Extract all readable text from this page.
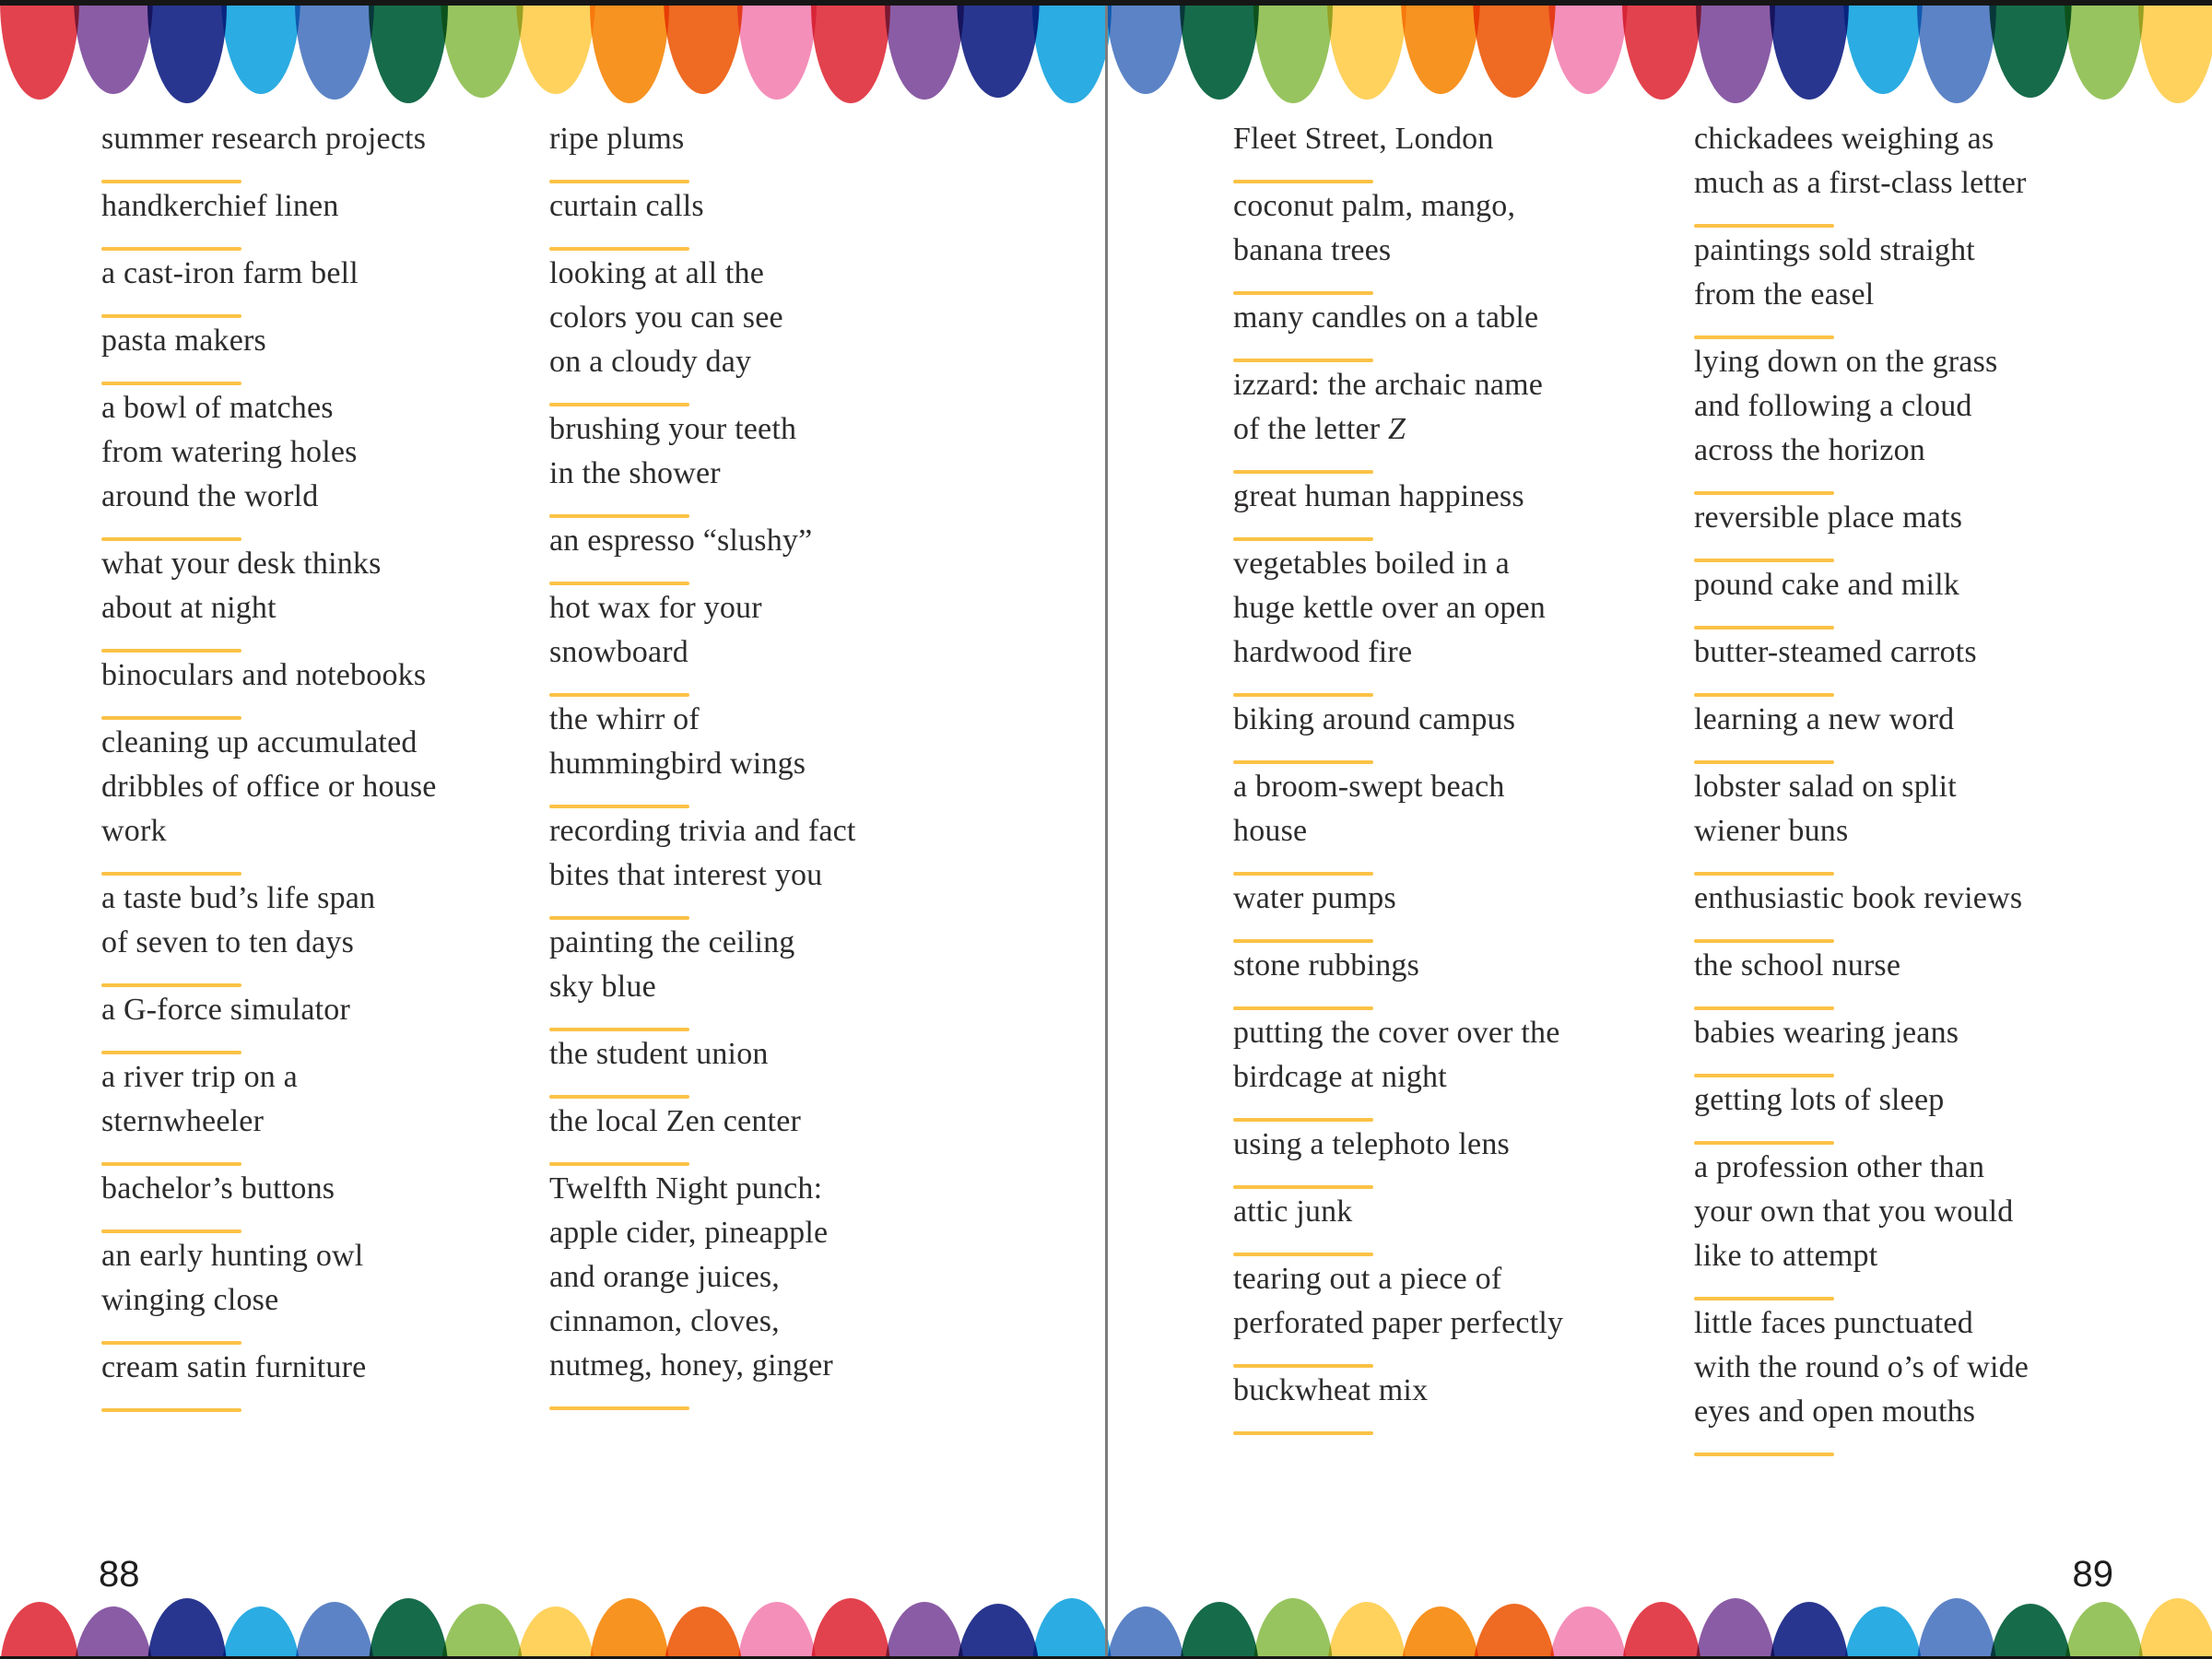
summer research projects
handkerchief linen
a cast-iron farm bell
pasta makers
a bowl of matches
from watering holes
around the world
what your desk thinks
about at night
binoculars and notebooks
cleaning up accumulated
dribbles of office or house
work
a taste bud’s life span
of seven to ten days
a G-force simulator
a river trip on a
sternwheeler
bachelor’s buttons
an early hunting owl
winging close
cream satin furniture
ripe plums
curtain calls
looking at all the
colors you can see
on a cloudy day
brushing your teeth
in the shower
an espresso “slushy”
hot wax for your
snowboard
the whirr of
hummingbird wings
recording trivia and fact
bites that interest you
painting the ceiling
sky blue
the student union
the local Zen center
Twelfth Night punch:
apple cider, pineapple
and orange juices,
cinnamon, cloves,
nutmeg, honey, ginger
Fleet Street, London
coconut palm, mango,
banana trees
many candles on a table
izzard: the archaic name
of the letter Z
great human happiness
vegetables boiled in a
huge kettle over an open
hardwood fire
biking around campus
a broom-swept beach
house
water pumps
stone rubbings
putting the cover over the
birdcage at night
using a telephoto lens
attic junk
tearing out a piece of
perforated paper perfectly
buckwheat mix
chickadees weighing as
much as a first-class letter
paintings sold straight
from the easel
lying down on the grass
and following a cloud
across the horizon
reversible place mats
pound cake and milk
butter-steamed carrots
learning a new word
lobster salad on split
wiener buns
enthusiastic book reviews
the school nurse
babies wearing jeans
getting lots of sleep
a profession other than
your own that you would
like to attempt
little faces punctuated
with the round o’s of wide
eyes and open mouths
88	89
